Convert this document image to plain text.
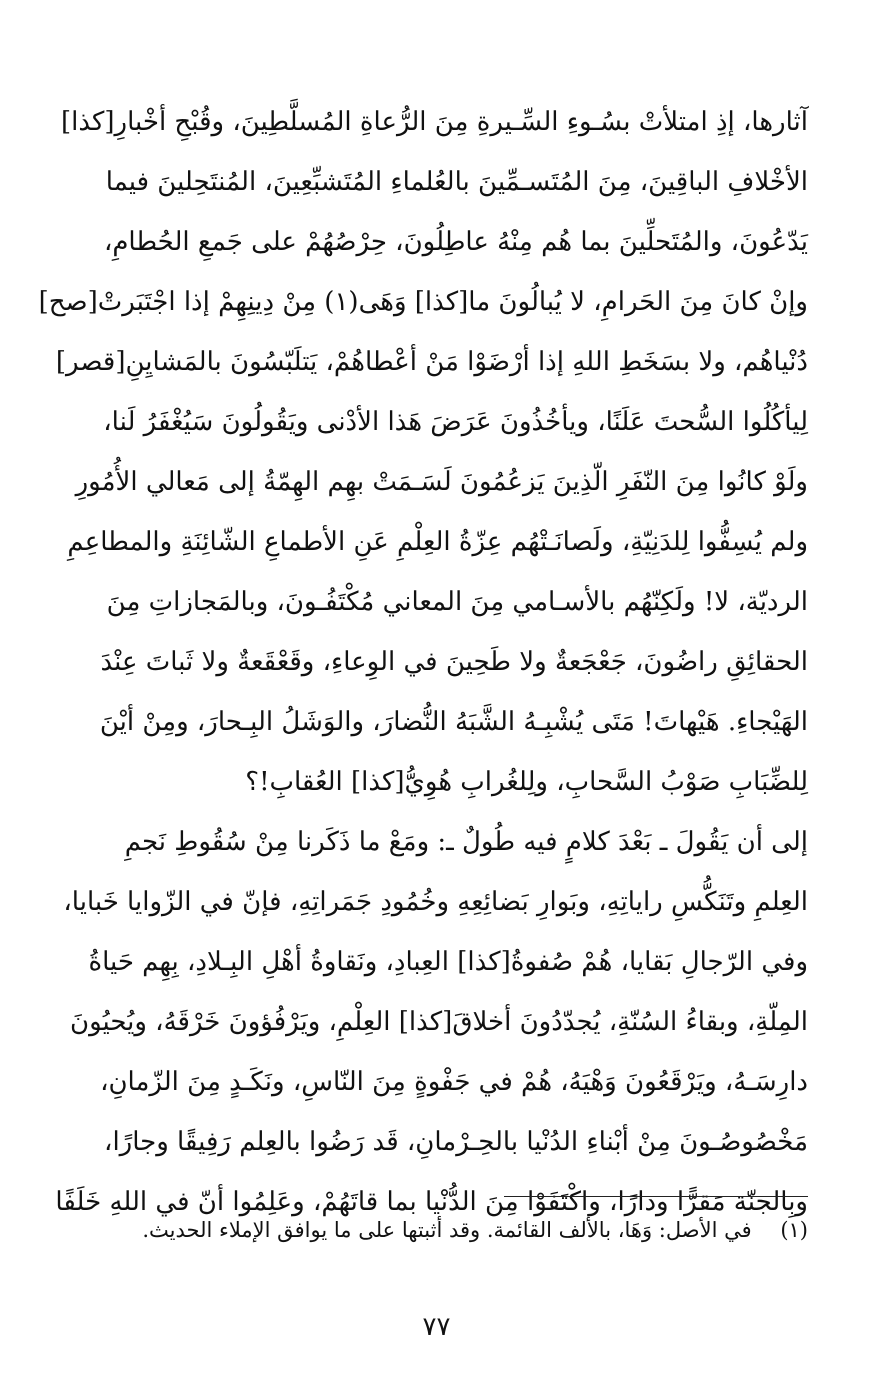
آثارها، إذِ امتلأتْ بسُـوءِ السِّـيرةِ مِنَ الرُّعاةِ المُسلَّطِينَ، وقُبْحِ أخْبارِ[كذا]
الأخْلافِ الباقِينَ، مِنَ المُتَسـمِّينَ بالعُلماءِ المُتَشبِّعِينَ، المُنتَحِلينَ فيما
يَدّعُونَ، والمُتَحلِّينَ بما هُم مِنْهُ عاطِلُونَ، حِرْصُهُمْ على جَمعِ الحُطامِ،
وإنْ كانَ مِنَ الحَرامِ، لا يُبالُونَ ما[كذا] وَهَى(١) مِنْ دِينِهِمْ إذا اجْتَبَرتْ[صح]
دُنْياهُم، ولا بسَخَطِ اللهِ إذا أرْضَوْا مَنْ أعْطاهُمْ، يَتلَبّسُونَ بالمَشايِنِ[قصر]
لِيأكُلُوا السُّحتَ عَلَنًا، ويأخُذُونَ عَرَضَ هَذا الأدْنى ويَقُولُونَ سَيُغْفَرُ لَنا،
ولَوْ كانُوا مِنَ النّفَرِ الّذِينَ يَزعُمُونَ لَسَـمَتْ بهِم الهِمّةُ إلى مَعالي الأُمُورِ
ولم يُسِفُّوا لِلدَنِيّةِ، ولَصانَـتْهُم عِزّةُ العِلْمِ عَنِ الأطماعِ الشّائِنَةِ والمطاعِمِ
الرديّة، لا! ولَكِنّهُم بالأسـامي مِنَ المعاني مُكْتَفُـونَ، وبالمَجازاتِ مِنَ
الحقائِقِ راضُونَ، جَعْجَعةٌ ولا طَحِينَ في الوِعاءِ، وقَعْقَعةٌ ولا ثَباتَ عِنْدَ
الهَيْجاءِ. هَيْهاتَ! مَتَى يُشْبِـهُ الشَّبَهُ النُّضارَ، والوَشَلُ البِـحارَ، ومِنْ أيْنَ
لِلضِّبَابِ صَوْبُ السَّحابِ، ولِلغُرابِ هُوِيُّ[كذا] العُقابِ!؟
إلى أن يَقُولَ ـ بَعْدَ كلامٍ فيه طُولٌ ـ: ومَعْ ما ذَكَرنا مِنْ سُقُوطِ نَجمِ
العِلمِ وتَنَكُّسِ راياتِهِ، وبَوارِ بَضائِعِهِ وخُمُودِ جَمَراتِهِ، فإنّ في الزّوايا خَبايا،
وفي الرّجالِ بَقايا، هُمْ صُفوةُ[كذا] العِبادِ، ونَقاوةُ أهْلِ البِـلادِ، بِهِم حَياةُ
المِلّةِ، وبقاءُ السُنّةِ، يُجدّدُونَ أخلاقَ[كذا] العِلْمِ، ويَرْفُؤونَ خَرْقَهُ، ويُحيُونَ
دارِسَـهُ، ويَرْقَعُونَ وَهْيَهُ، هُمْ في جَفْوةٍ مِنَ النّاسِ، ونَكَـدٍ مِنَ الزّمانِ،
مَخْصُوصُـونَ مِنْ أبْناءِ الدُنْيا بالحِـرْمانِ، قَد رَضُوا بالعِلم رَفِيقًا وجارًا،
وبِالجنّة مَقرًّا ودارًا، واكْتَفَوْا مِنَ الدُّنْيا بما قاتَهُمْ، وعَلِمُوا أنّ في اللهِ خَلَفًا
(١) في الأصل: وَهَا، بالألف القائمة. وقد أثبتها على ما يوافق الإملاء الحديث.
٧٧
